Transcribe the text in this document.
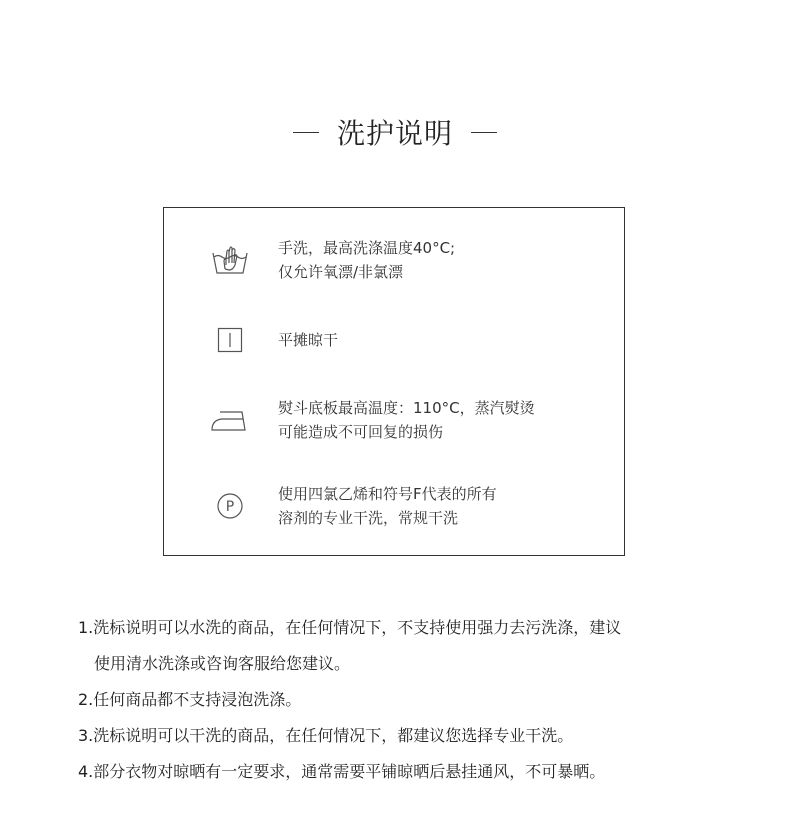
洗护说明
手洗，最高洗涤温度40°C;
仅允许氧漂/非氯漂
平摊晾干
熨斗底板最高温度：110°C，蒸汽熨烫
可能造成不可回复的损伤
P
使用四氯乙烯和符号F代表的所有
溶剂的专业干洗，常规干洗
1.洗标说明可以水洗的商品，在任何情况下，不支持使用强力去污洗涤，建议
使用清水洗涤或咨询客服给您建议。
2.任何商品都不支持浸泡洗涤。
3.洗标说明可以干洗的商品，在任何情况下，都建议您选择专业干洗。
4.部分衣物对晾晒有一定要求，通常需要平铺晾晒后悬挂通风，不可暴晒。
